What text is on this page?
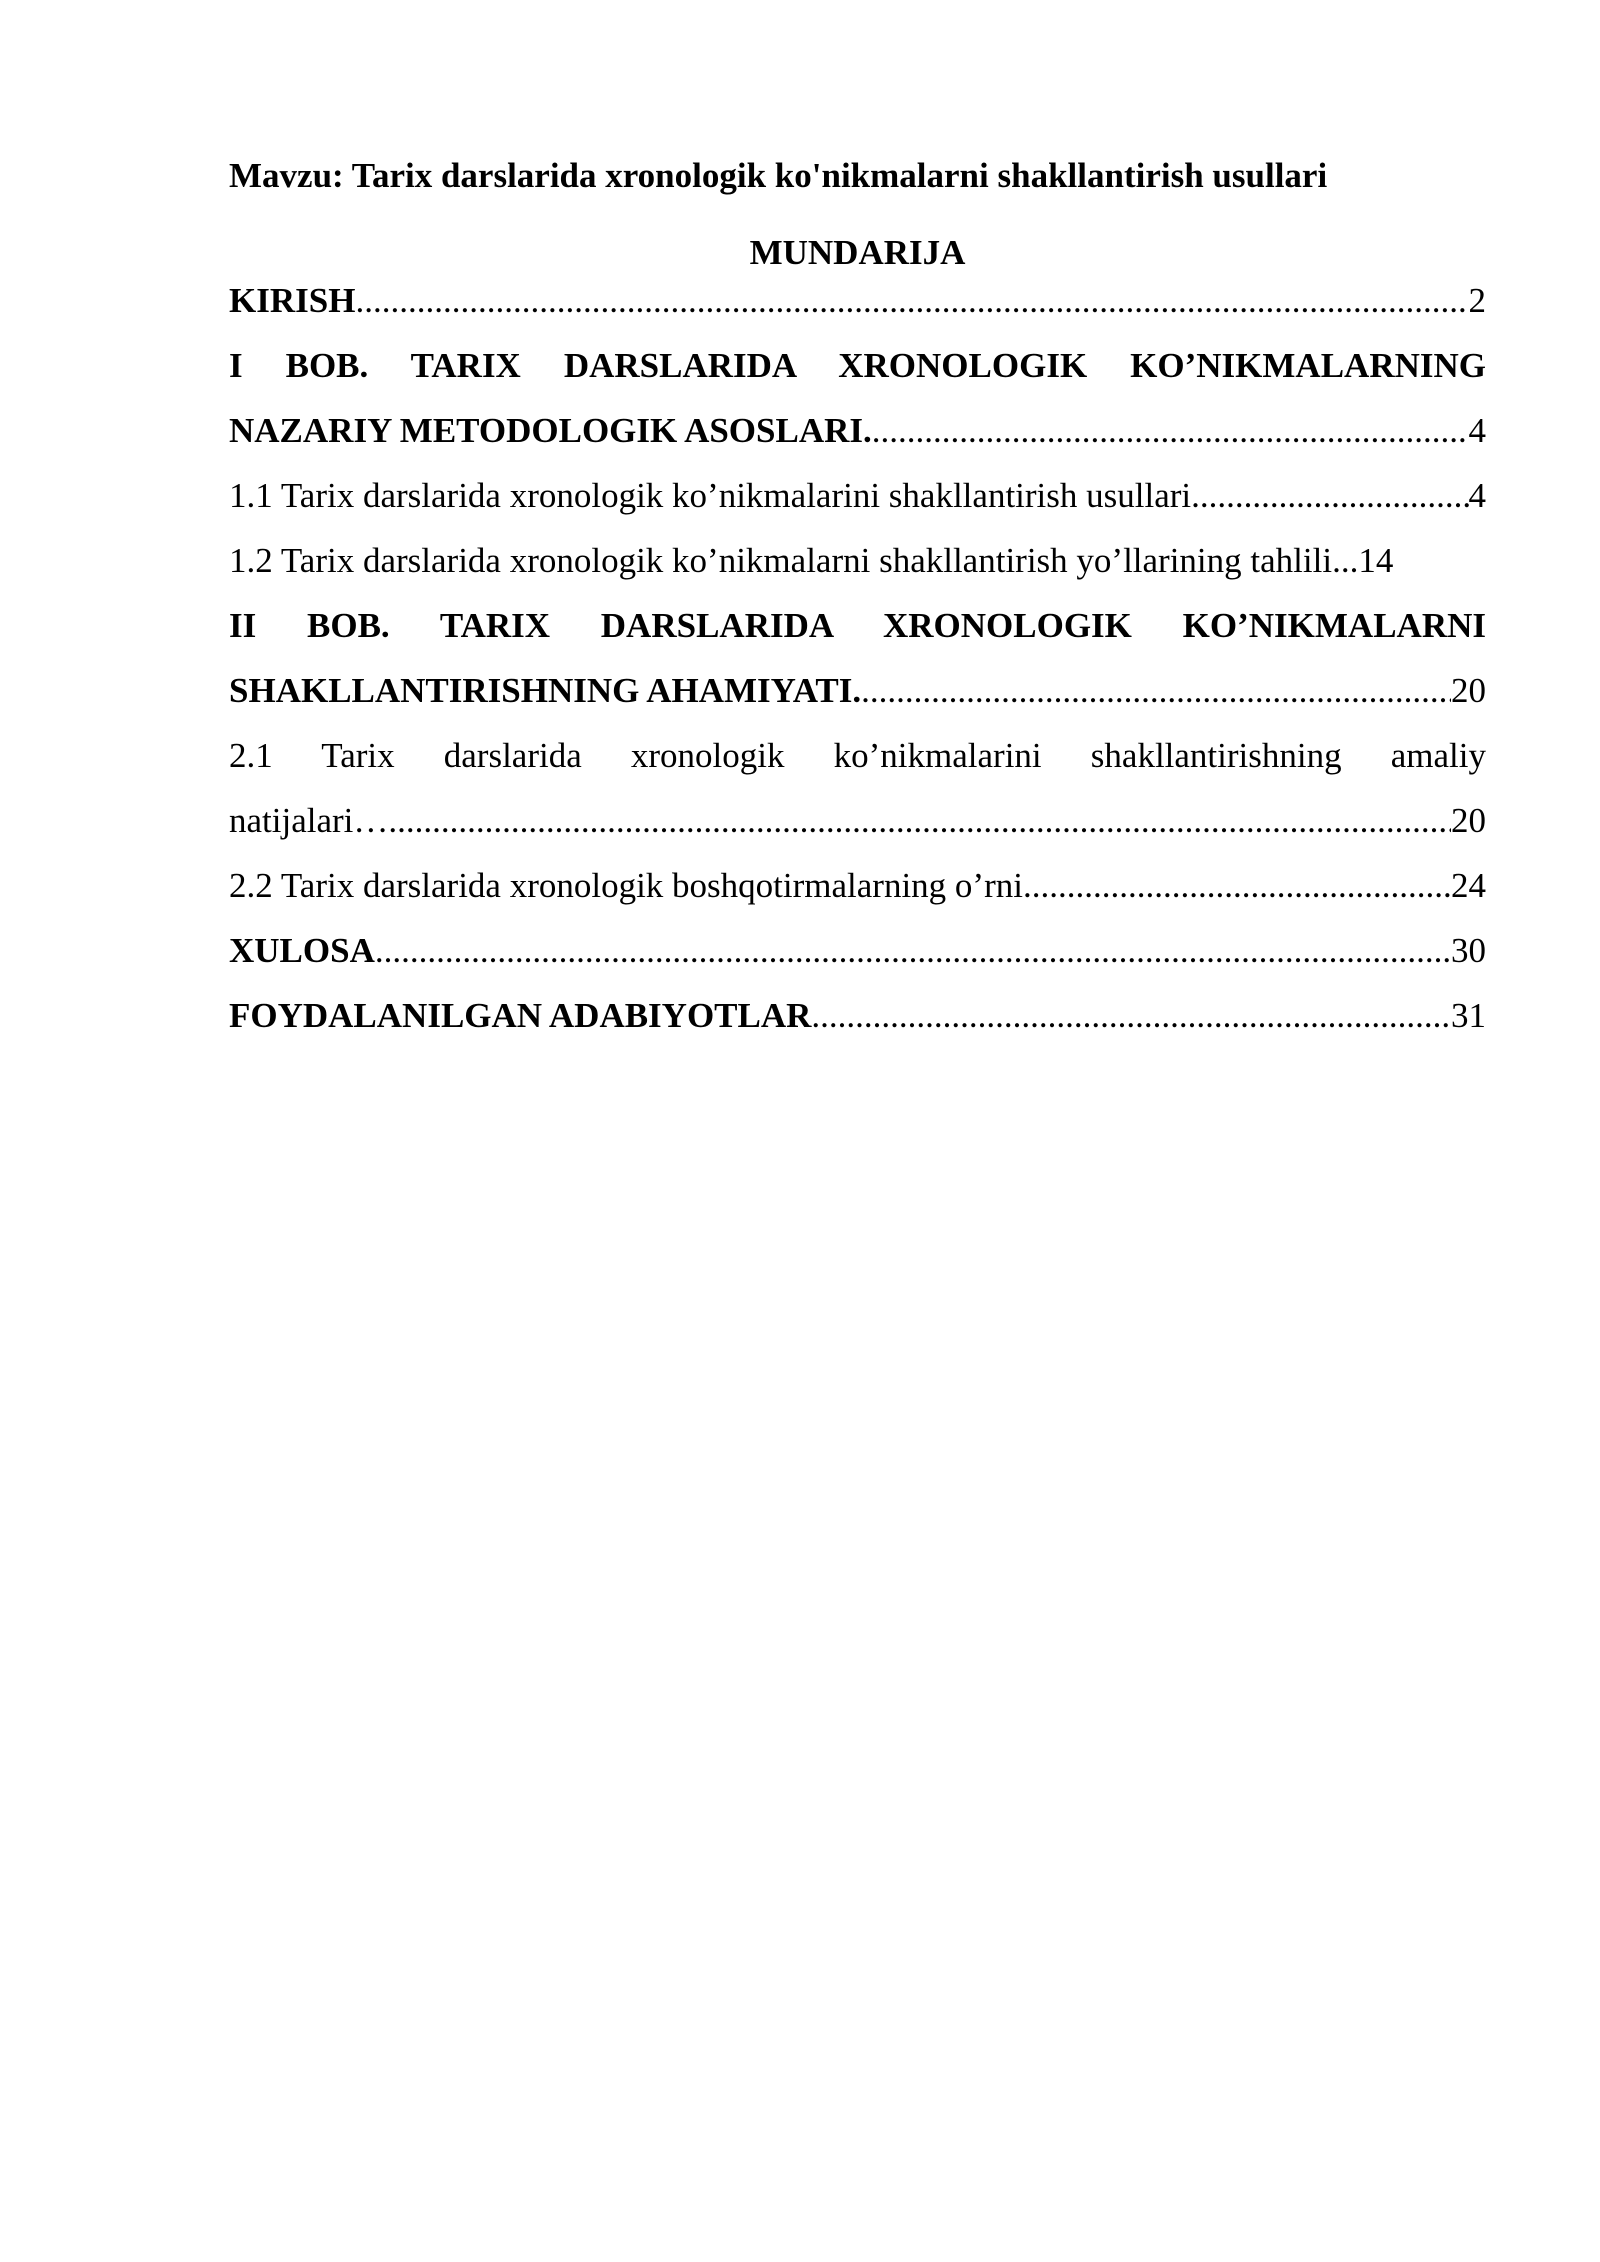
Mavzu: Tarix darslarida xronologik ko'nikmalarni shakllantirish usullari

MUNDARIJA
KIRISH .....	2
I BOB. TARIX DARSLARIDA XRONOLOGIK KO’NIKMALARNING
NAZARIY METODOLOGIK ASOSLARI. .....	4
1.1 Tarix darslarida xronologik ko’nikmalarini shakllantirish usullari .....	4
1.2 Tarix darslarida xronologik ko’nikmalarni shakllantirish yo’llarining tahlili... 14
II BOB. TARIX DARSLARIDA XRONOLOGIK KO’NIKMALARNI
SHAKLLANTIRISHNING AHAMIYATI. .....	20
2.1 Tarix darslarida xronologik ko’nikmalarini shakllantirishning amaliy
natijalari… .....	20
2.2 Tarix darslarida xronologik boshqotirmalarning o’rni .....	24
XULOSA .....	30
FOYDALANILGAN ADABIYOTLAR .....	31
